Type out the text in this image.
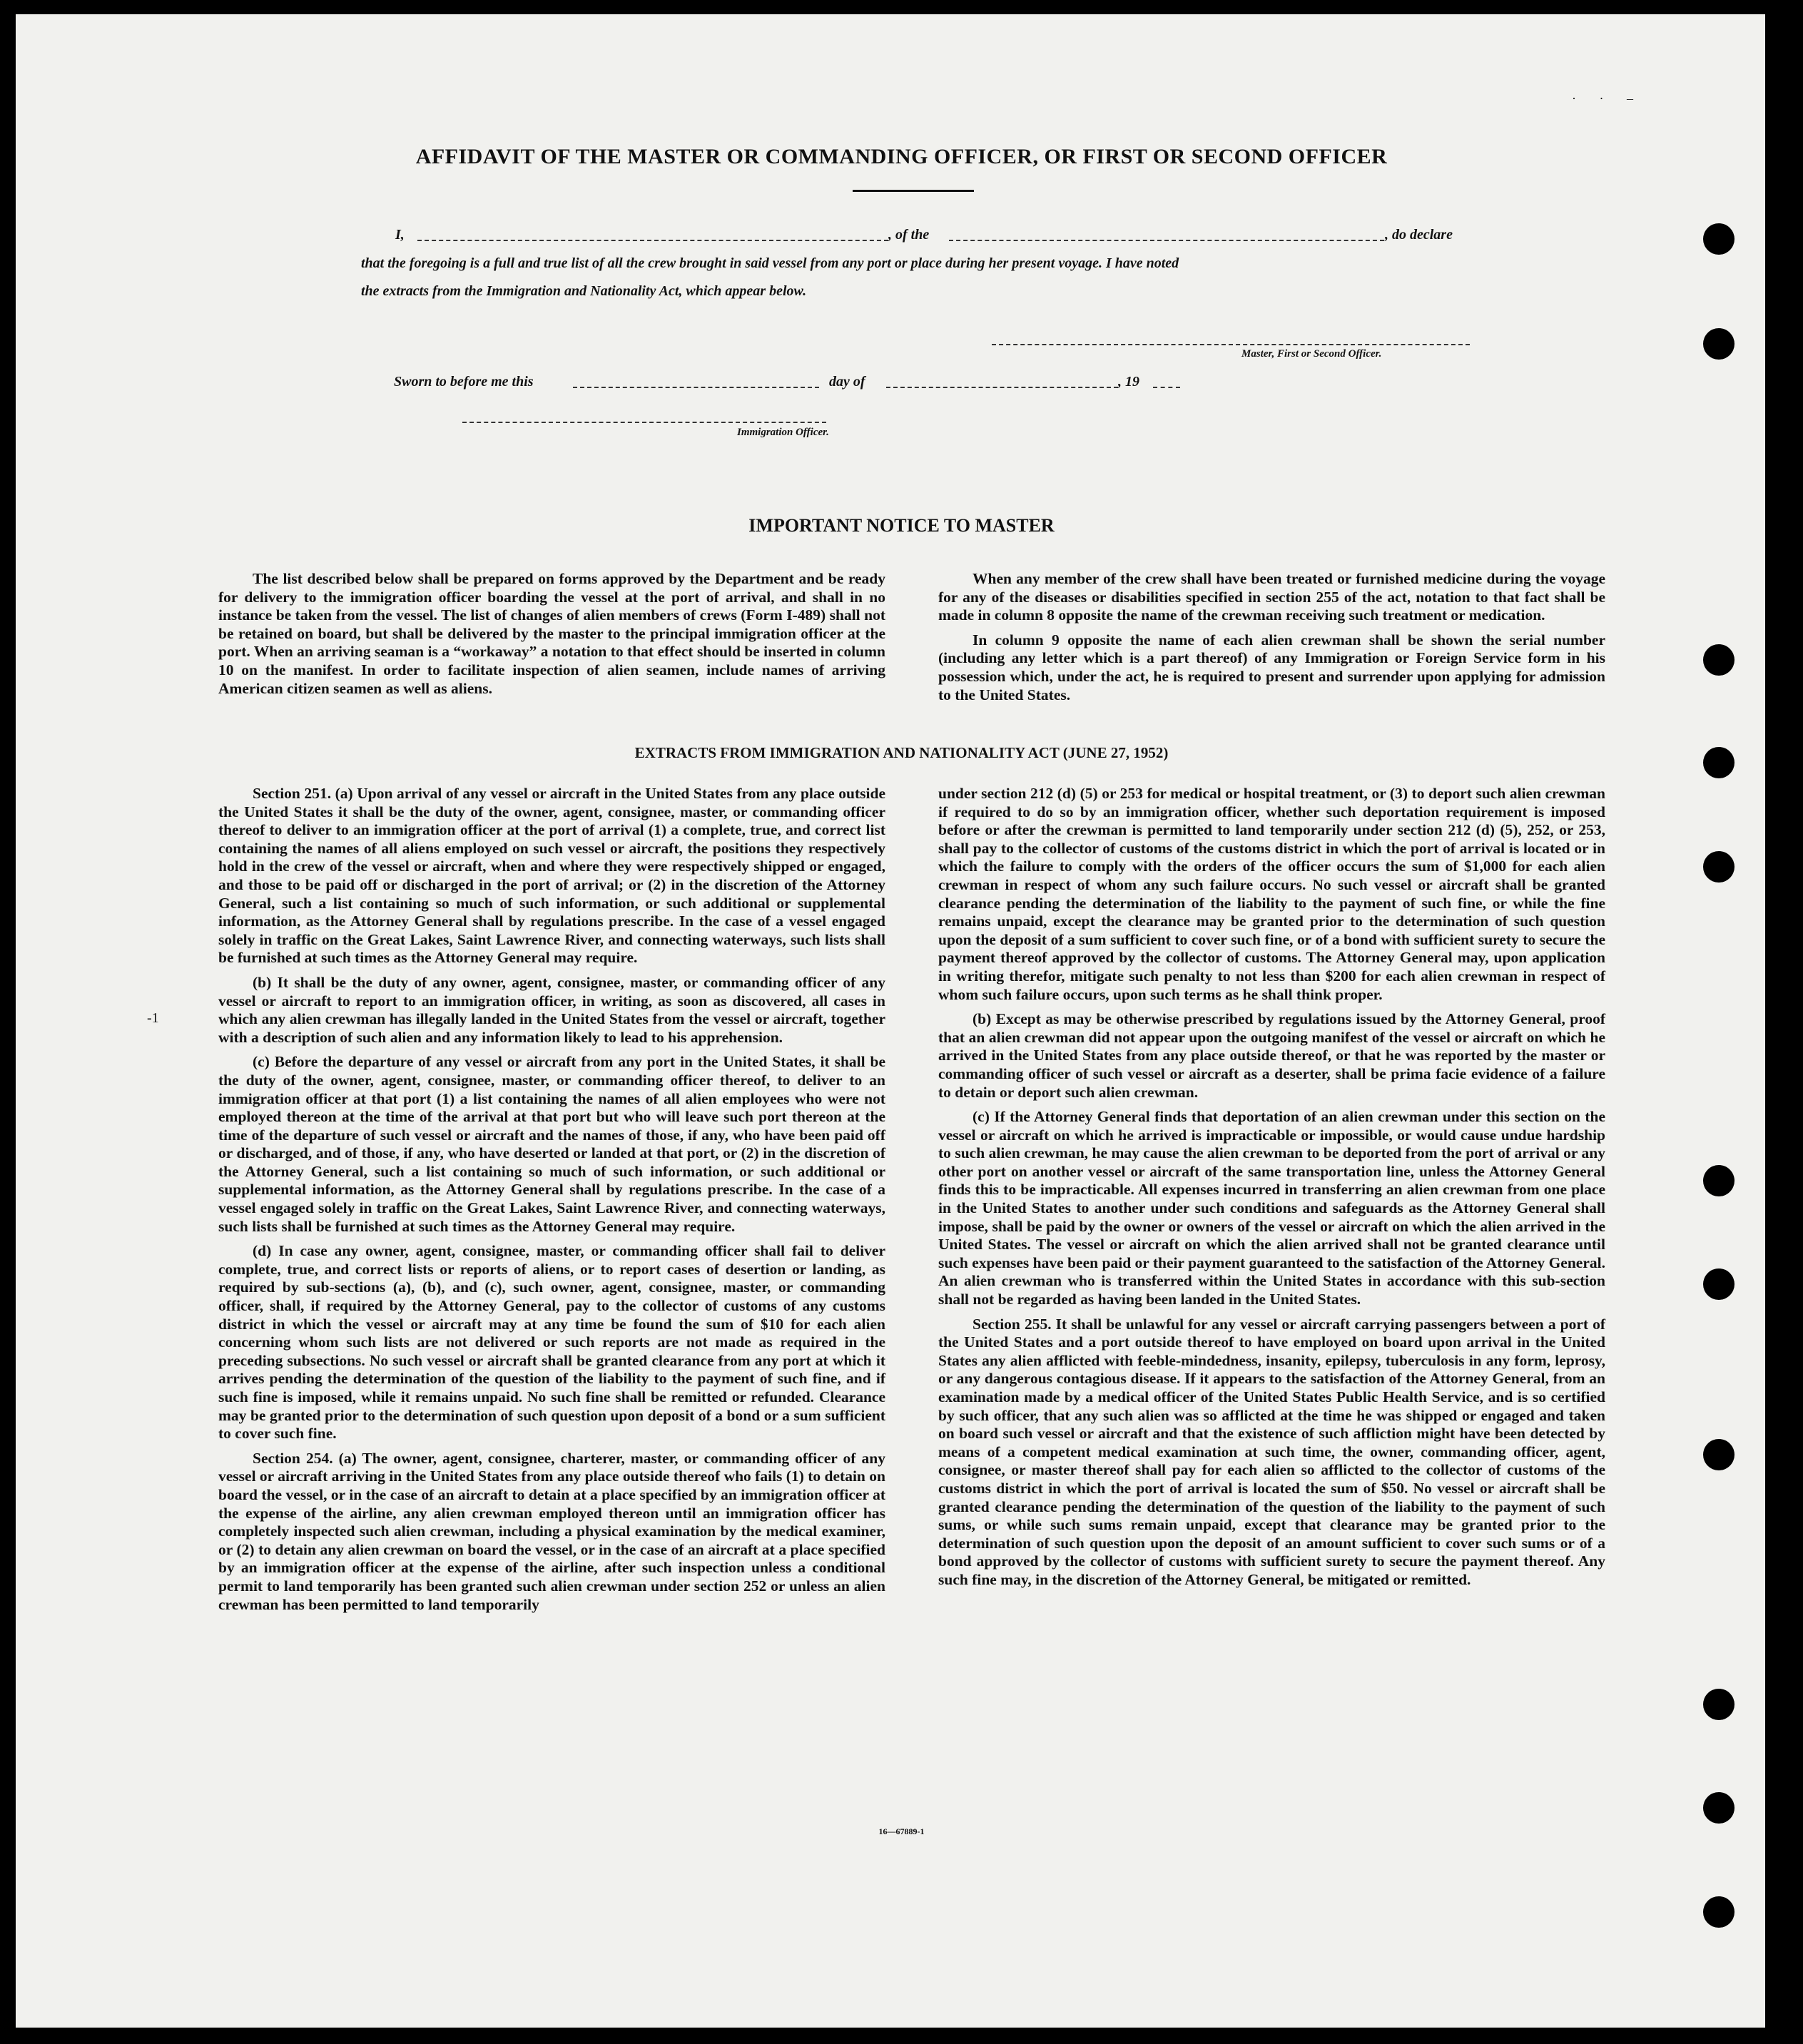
· · –
AFFIDAVIT OF THE MASTER OR COMMANDING OFFICER, OR FIRST OR SECOND OFFICER
I,	, of the	, do declare
that the foregoing is a full and true list of all the crew brought in said vessel from any port or place during her present voyage. I have noted
the extracts from the Immigration and Nationality Act, which appear below.
Master, First or Second Officer.
Sworn to before me this	day of	, 19
Immigration Officer.
IMPORTANT NOTICE TO MASTER

The list described below shall be prepared on forms approved by the Department and be ready for delivery to the immigration officer boarding the vessel at the port of arrival, and shall in no instance be taken from the vessel. The list of changes of alien members of crews (Form I-489) shall not be retained on board, but shall be delivered by the master to the principal immigration officer at the port. When an arriving seaman is a “workaway” a notation to that effect should be inserted in column 10 on the manifest. In order to facilitate inspection of alien seamen, include names of arriving American citizen seamen as well as aliens.

When any member of the crew shall have been treated or furnished medicine during the voyage for any of the diseases or disabilities specified in section 255 of the act, notation to that fact shall be made in column 8 opposite the name of the crewman receiving such treatment or medication.

In column 9 opposite the name of each alien crewman shall be shown the serial number (including any letter which is a part thereof) of any Immigration or Foreign Service form in his possession which, under the act, he is required to present and surrender upon applying for admission to the United States.

EXTRACTS FROM IMMIGRATION AND NATIONALITY ACT (JUNE 27, 1952)
-1

Section 251. (a) Upon arrival of any vessel or aircraft in the United States from any place outside the United States it shall be the duty of the owner, agent, consignee, master, or commanding officer thereof to deliver to an immigration officer at the port of arrival (1) a complete, true, and correct list containing the names of all aliens employed on such vessel or aircraft, the positions they respectively hold in the crew of the vessel or aircraft, when and where they were respectively shipped or engaged, and those to be paid off or discharged in the port of arrival; or (2) in the discretion of the Attorney General, such a list containing so much of such information, or such additional or supplemental information, as the Attorney General shall by regulations prescribe. In the case of a vessel engaged solely in traffic on the Great Lakes, Saint Lawrence River, and connecting waterways, such lists shall be furnished at such times as the Attorney General may require.

(b) It shall be the duty of any owner, agent, consignee, master, or commanding officer of any vessel or aircraft to report to an immigration officer, in writing, as soon as discovered, all cases in which any alien crewman has illegally landed in the United States from the vessel or aircraft, together with a description of such alien and any information likely to lead to his apprehension.

(c) Before the departure of any vessel or aircraft from any port in the United States, it shall be the duty of the owner, agent, consignee, master, or commanding officer thereof, to deliver to an immigration officer at that port (1) a list containing the names of all alien employees who were not employed thereon at the time of the arrival at that port but who will leave such port thereon at the time of the departure of such vessel or aircraft and the names of those, if any, who have been paid off or discharged, and of those, if any, who have deserted or landed at that port, or (2) in the discretion of the Attorney General, such a list containing so much of such information, or such additional or supplemental information, as the Attorney General shall by regulations prescribe. In the case of a vessel engaged solely in traffic on the Great Lakes, Saint Lawrence River, and connecting waterways, such lists shall be furnished at such times as the Attorney General may require.

(d) In case any owner, agent, consignee, master, or commanding officer shall fail to deliver complete, true, and correct lists or reports of aliens, or to report cases of desertion or landing, as required by sub-sections (a), (b), and (c), such owner, agent, consignee, master, or commanding officer, shall, if required by the Attorney General, pay to the collector of customs of any customs district in which the vessel or aircraft may at any time be found the sum of $10 for each alien concerning whom such lists are not delivered or such reports are not made as required in the preceding subsections. No such vessel or aircraft shall be granted clearance from any port at which it arrives pending the determination of the question of the liability to the payment of such fine, and if such fine is imposed, while it remains unpaid. No such fine shall be remitted or refunded. Clearance may be granted prior to the determination of such question upon deposit of a bond or a sum sufficient to cover such fine.

Section 254. (a) The owner, agent, consignee, charterer, master, or commanding officer of any vessel or aircraft arriving in the United States from any place outside thereof who fails (1) to detain on board the vessel, or in the case of an aircraft to detain at a place specified by an immigration officer at the expense of the airline, any alien crewman employed thereon until an immigration officer has completely inspected such alien crewman, including a physical examination by the medical examiner, or (2) to detain any alien crewman on board the vessel, or in the case of an aircraft at a place specified by an immigration officer at the expense of the airline, after such inspection unless a conditional permit to land temporarily has been granted such alien crewman under section 252 or unless an alien crewman has been permitted to land temporarily

under section 212 (d) (5) or 253 for medical or hospital treatment, or (3) to deport such alien crewman if required to do so by an immigration officer, whether such deportation requirement is imposed before or after the crewman is permitted to land temporarily under section 212 (d) (5), 252, or 253, shall pay to the collector of customs of the customs district in which the port of arrival is located or in which the failure to comply with the orders of the officer occurs the sum of $1,000 for each alien crewman in respect of whom any such failure occurs. No such vessel or aircraft shall be granted clearance pending the determination of the liability to the payment of such fine, or while the fine remains unpaid, except the clearance may be granted prior to the determination of such question upon the deposit of a sum sufficient to cover such fine, or of a bond with sufficient surety to secure the payment thereof approved by the collector of customs. The Attorney General may, upon application in writing therefor, mitigate such penalty to not less than $200 for each alien crewman in respect of whom such failure occurs, upon such terms as he shall think proper.

(b) Except as may be otherwise prescribed by regulations issued by the Attorney General, proof that an alien crewman did not appear upon the outgoing manifest of the vessel or aircraft on which he arrived in the United States from any place outside thereof, or that he was reported by the master or commanding officer of such vessel or aircraft as a deserter, shall be prima facie evidence of a failure to detain or deport such alien crewman.

(c) If the Attorney General finds that deportation of an alien crewman under this section on the vessel or aircraft on which he arrived is impracticable or impossible, or would cause undue hardship to such alien crewman, he may cause the alien crewman to be deported from the port of arrival or any other port on another vessel or aircraft of the same transportation line, unless the Attorney General finds this to be impracticable. All expenses incurred in transferring an alien crewman from one place in the United States to another under such conditions and safeguards as the Attorney General shall impose, shall be paid by the owner or owners of the vessel or aircraft on which the alien arrived in the United States. The vessel or aircraft on which the alien arrived shall not be granted clearance until such expenses have been paid or their payment guaranteed to the satisfaction of the Attorney General. An alien crewman who is transferred within the United States in accordance with this sub-section shall not be regarded as having been landed in the United States.

Section 255. It shall be unlawful for any vessel or aircraft carrying passengers between a port of the United States and a port outside thereof to have employed on board upon arrival in the United States any alien afflicted with feeble-mindedness, insanity, epilepsy, tuberculosis in any form, leprosy, or any dangerous contagious disease. If it appears to the satisfaction of the Attorney General, from an examination made by a medical officer of the United States Public Health Service, and is so certified by such officer, that any such alien was so afflicted at the time he was shipped or engaged and taken on board such vessel or aircraft and that the existence of such affliction might have been detected by means of a competent medical examination at such time, the owner, commanding officer, agent, consignee, or master thereof shall pay for each alien so afflicted to the collector of customs of the customs district in which the port of arrival is located the sum of $50. No vessel or aircraft shall be granted clearance pending the determination of the question of the liability to the payment of such sums, or while such sums remain unpaid, except that clearance may be granted prior to the determination of such question upon the deposit of an amount sufficient to cover such sums or of a bond approved by the collector of customs with sufficient surety to secure the payment thereof. Any such fine may, in the discretion of the Attorney General, be mitigated or remitted.

16—67889-1
